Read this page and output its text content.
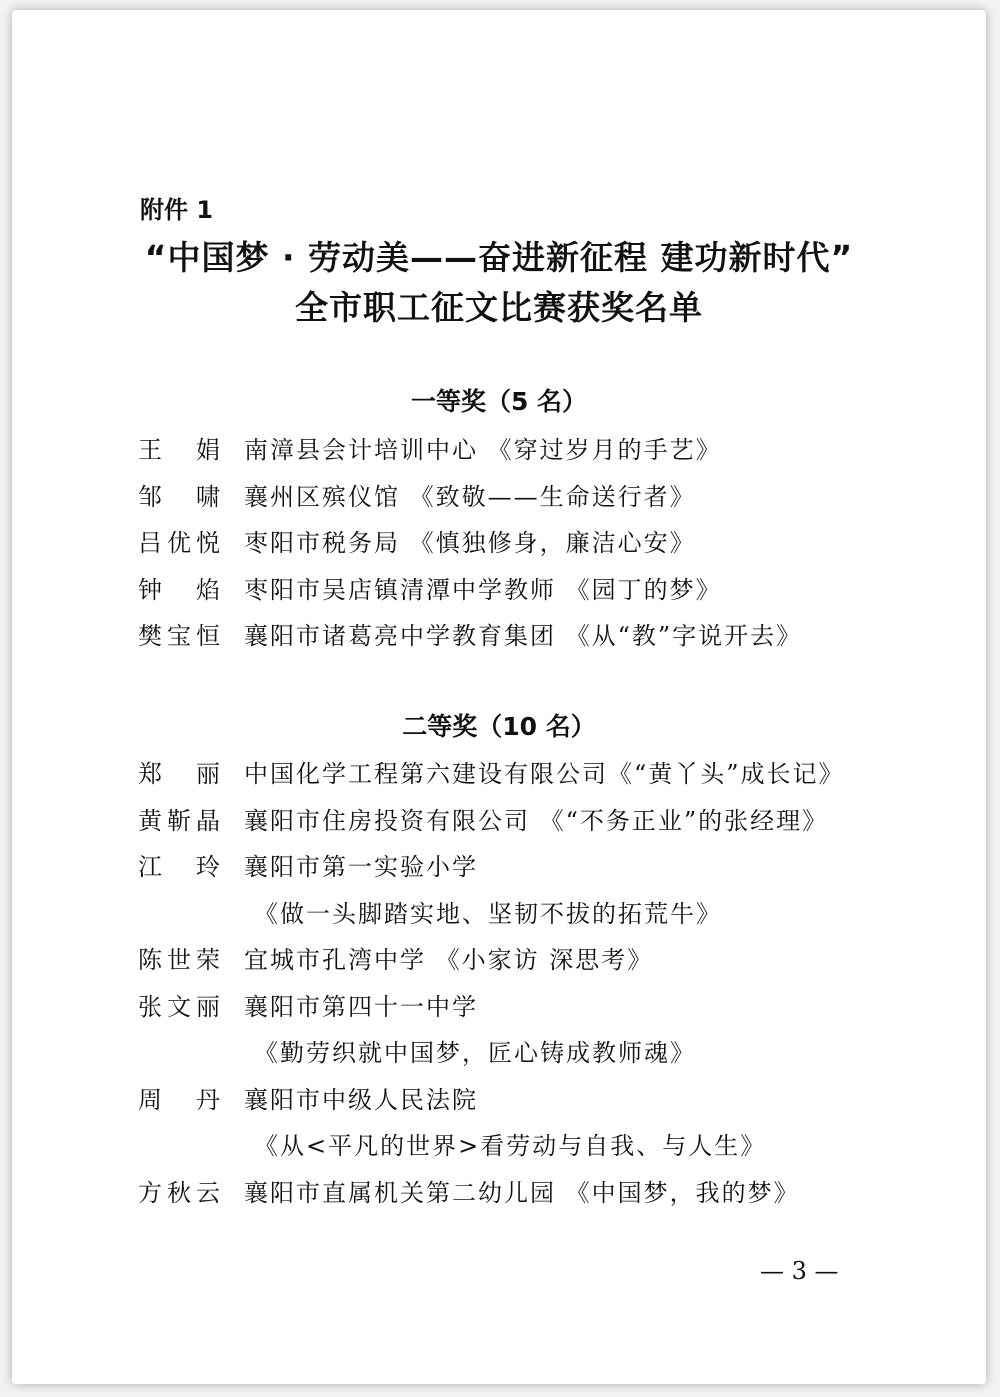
附件 1
“中国梦 · 劳动美——奋进新征程 建功新时代”
全市职工征文比赛获奖名单
一等奖（5 名）
王 娟 南漳县会计培训中心 《穿过岁月的手艺》
邹 啸 襄州区殡仪馆 《致敬——生命送行者》
吕 优 悦 枣阳市税务局 《慎独修身，廉洁心安》
钟 焰 枣阳市吴店镇清潭中学教师 《园丁的梦》
樊 宝 恒 襄阳市诸葛亮中学教育集团 《从“教”字说开去》
二等奖（10 名）
郑 丽 中国化学工程第六建设有限公司《“黄丫头”成长记》
黄 靳 晶 襄阳市住房投资有限公司 《“不务正业”的张经理》
江 玲 襄阳市第一实验小学
《做一头脚踏实地、坚韧不拔的拓荒牛》
陈 世 荣 宜城市孔湾中学 《小家访 深思考》
张 文 丽 襄阳市第四十一中学
《勤劳织就中国梦，匠心铸成教师魂》
周 丹 襄阳市中级人民法院
《从<平凡的世界>看劳动与自我、与人生》
方 秋 云 襄阳市直属机关第二幼儿园 《中国梦，我的梦》
— 3 —
